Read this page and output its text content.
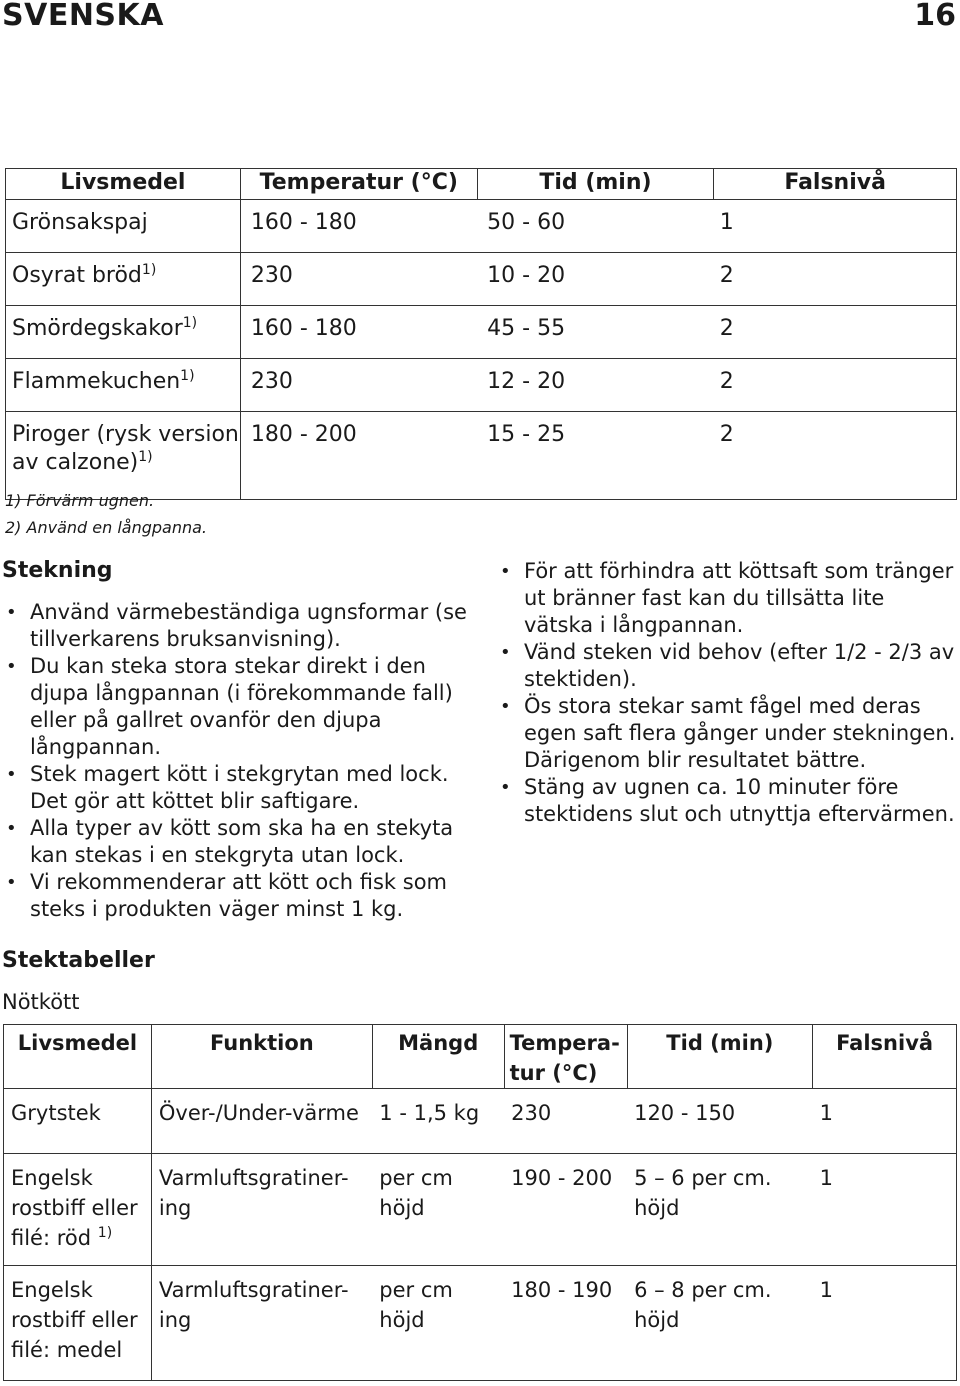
SVENSKA	16
Livsmedel	Temperatur (°C)	Tid (min)	Falsnivå
Grönsakspaj	160 - 180	50 - 60	1
Osyrat bröd$^{1)}$	230	10 - 20	2
Smördegskakor$^{1)}$	160 - 180	45 - 55	2
Flammekuchen$^{1)}$	230	12 - 20	2
Piroger (rysk version av calzone)$^{1)}$	180 - 200	15 - 25	2
1) Förvärm ugnen.
2) Använd en långpanna.
Stekning
• Använd värmebeständiga ugnsformar (se tillverkarens bruksanvisning).
• Du kan steka stora stekar direkt i den djupa långpannan (i förekommande fall) eller på gallret ovanför den djupa långpannan.
• Stek magert kött i stekgrytan med lock. Det gör att köttet blir saftigare.
• Alla typer av kött som ska ha en stekyta kan stekas i en stekgryta utan lock.
• Vi rekommenderar att kött och fisk som steks i produkten väger minst 1 kg.
• För att förhindra att köttsaft som tränger ut bränner fast kan du tillsätta lite vätska i långpannan.
• Vänd steken vid behov (efter 1/2 - 2/3 av stektiden).
• Ös stora stekar samt fågel med deras egen saft flera gånger under stekningen. Därigenom blir resultatet bättre.
• Stäng av ugnen ca. 10 minuter före stektidens slut och utnyttja eftervärmen.
Stektabeller
Nötkött
Livsmedel	Funktion	Mängd	Tempera-tur (°C)	Tid (min)	Falsnivå
Grytstek	Över-/Under-värme	1 - 1,5 kg	230	120 - 150	1
Engelsk rostbiff eller filé: röd $^{1)}$	Varmluftsgratiner-ing	per cm höjd	190 - 200	5 – 6 per cm. höjd	1
Engelsk rostbiff eller filé: medel	Varmluftsgratiner-ing	per cm höjd	180 - 190	6 – 8 per cm. höjd	1
